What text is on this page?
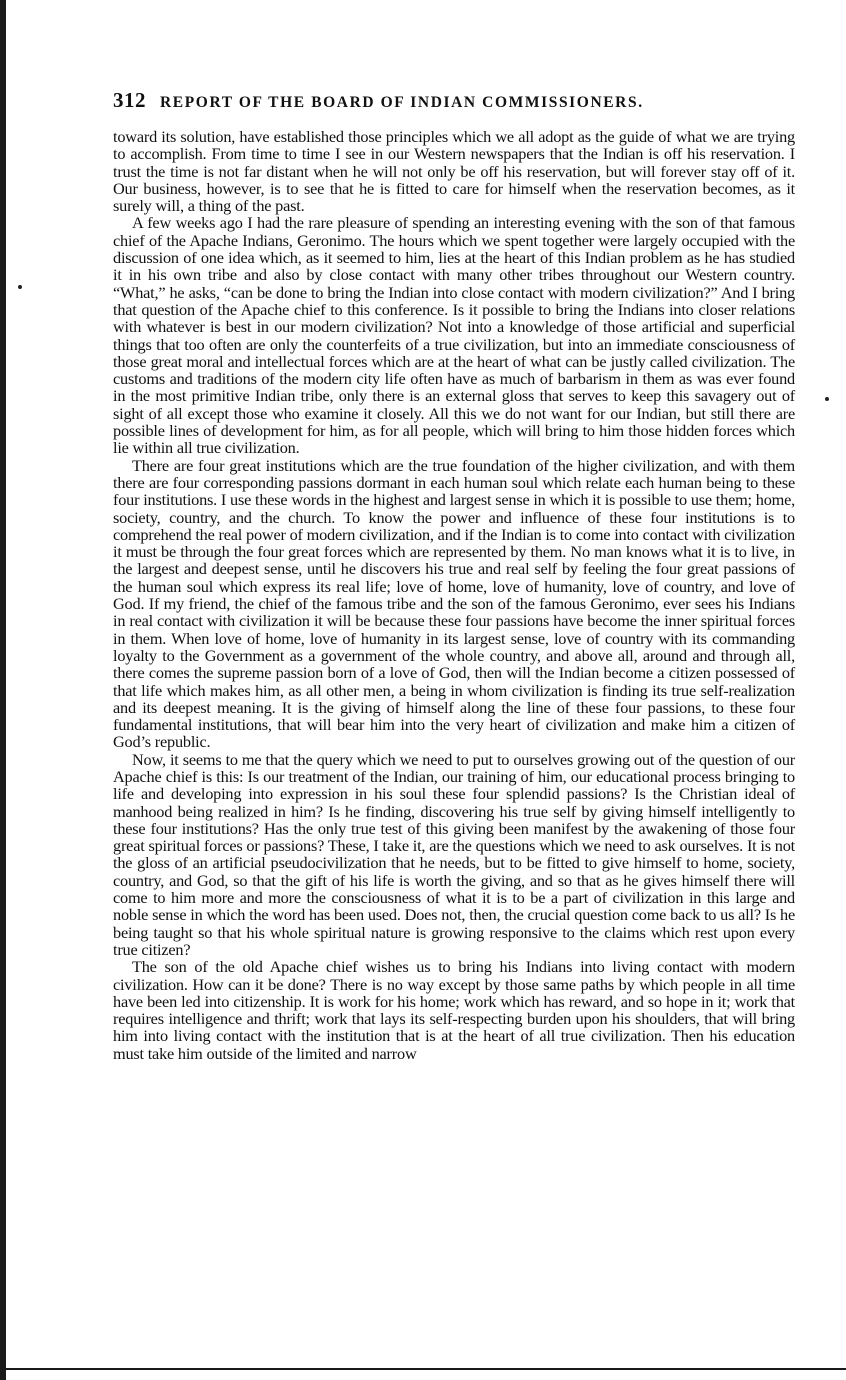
312 REPORT OF THE BOARD OF INDIAN COMMISSIONERS.

toward its solution, have established those principles which we all adopt as the guide of what we are trying to accomplish. From time to time I see in our Western newspapers that the Indian is off his reservation. I trust the time is not far distant when he will not only be off his reservation, but will forever stay off of it. Our business, however, is to see that he is fitted to care for himself when the reservation becomes, as it surely will, a thing of the past.

A few weeks ago I had the rare pleasure of spending an interesting evening with the son of that famous chief of the Apache Indians, Geronimo. The hours which we spent together were largely occupied with the discussion of one idea which, as it seemed to him, lies at the heart of this Indian problem as he has studied it in his own tribe and also by close contact with many other tribes throughout our Western country. “What,” he asks, “can be done to bring the Indian into close contact with modern civilization?” And I bring that question of the Apache chief to this conference. Is it possible to bring the Indians into closer relations with whatever is best in our modern civilization? Not into a knowledge of those artificial and superficial things that too often are only the counterfeits of a true civilization, but into an immediate consciousness of those great moral and intellectual forces which are at the heart of what can be justly called civilization. The customs and traditions of the modern city life often have as much of barbarism in them as was ever found in the most primitive Indian tribe, only there is an external gloss that serves to keep this savagery out of sight of all except those who examine it closely. All this we do not want for our Indian, but still there are possible lines of development for him, as for all people, which will bring to him those hidden forces which lie within all true civilization.

There are four great institutions which are the true foundation of the higher civilization, and with them there are four corresponding passions dormant in each human soul which relate each human being to these four institutions. I use these words in the highest and largest sense in which it is possible to use them; home, society, country, and the church. To know the power and influence of these four institutions is to comprehend the real power of modern civilization, and if the Indian is to come into contact with civilization it must be through the four great forces which are represented by them. No man knows what it is to live, in the largest and deepest sense, until he discovers his true and real self by feeling the four great passions of the human soul which express its real life; love of home, love of humanity, love of country, and love of God. If my friend, the chief of the famous tribe and the son of the famous Geronimo, ever sees his Indians in real contact with civilization it will be because these four passions have become the inner spiritual forces in them. When love of home, love of humanity in its largest sense, love of country with its commanding loyalty to the Government as a government of the whole country, and above all, around and through all, there comes the supreme passion born of a love of God, then will the Indian become a citizen possessed of that life which makes him, as all other men, a being in whom civilization is finding its true self-realization and its deepest meaning. It is the giving of himself along the line of these four passions, to these four fundamental institutions, that will bear him into the very heart of civilization and make him a citizen of God’s republic.

Now, it seems to me that the query which we need to put to ourselves growing out of the question of our Apache chief is this: Is our treatment of the Indian, our training of him, our educational process bringing to life and developing into expression in his soul these four splendid passions? Is the Christian ideal of manhood being realized in him? Is he finding, discovering his true self by giving himself intelligently to these four institutions? Has the only true test of this giving been manifest by the awakening of those four great spiritual forces or passions? These, I take it, are the questions which we need to ask ourselves. It is not the gloss of an artificial pseudocivilization that he needs, but to be fitted to give himself to home, society, country, and God, so that the gift of his life is worth the giving, and so that as he gives himself there will come to him more and more the consciousness of what it is to be a part of civilization in this large and noble sense in which the word has been used. Does not, then, the crucial question come back to us all? Is he being taught so that his whole spiritual nature is growing responsive to the claims which rest upon every true citizen?

The son of the old Apache chief wishes us to bring his Indians into living contact with modern civilization. How can it be done? There is no way except by those same paths by which people in all time have been led into citizenship. It is work for his home; work which has reward, and so hope in it; work that requires intelligence and thrift; work that lays its self-respecting burden upon his shoulders, that will bring him into living contact with the institution that is at the heart of all true civilization. Then his education must take him outside of the limited and narrow
